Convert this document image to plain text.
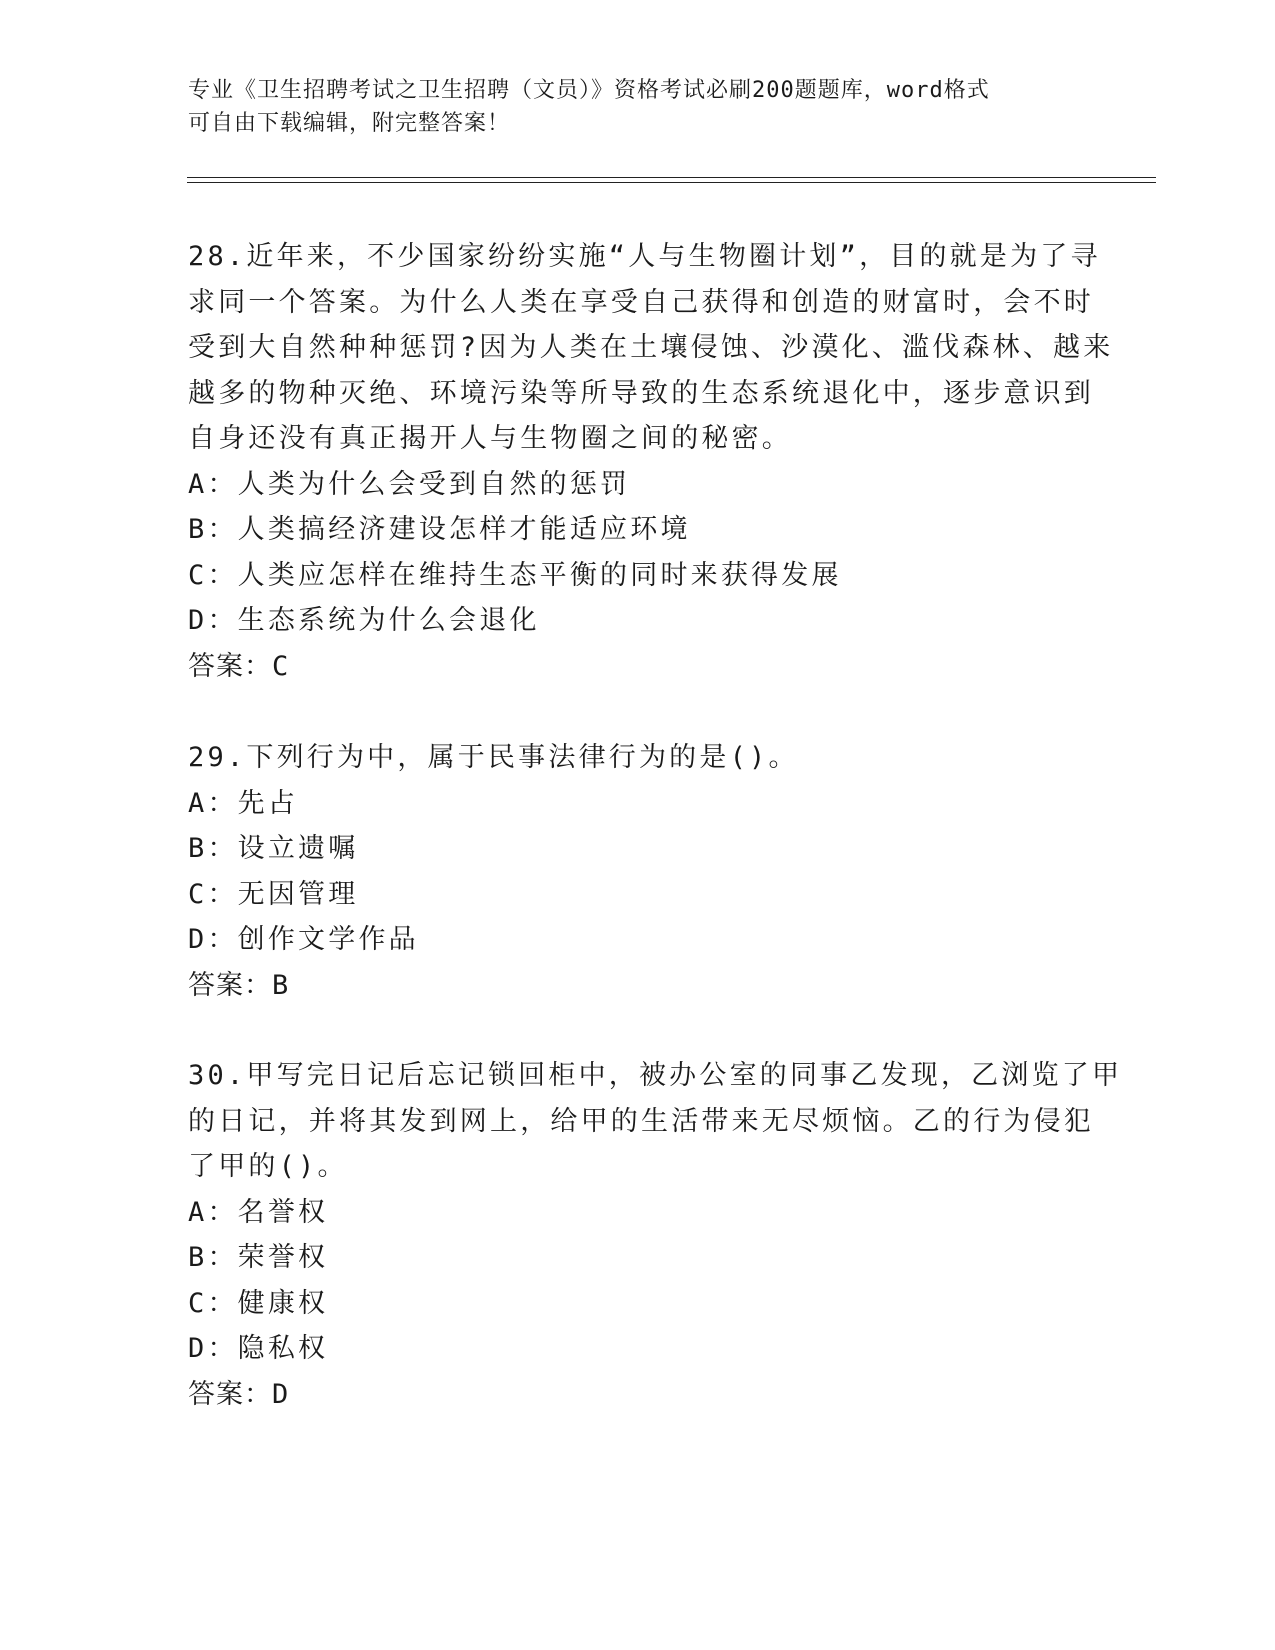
专业《卫生招聘考试之卫生招聘（文员）》资格考试必刷200题题库，word格式
可自由下载编辑，附完整答案！
28.近年来，不少国家纷纷实施“人与生物圈计划”，目的就是为了寻
求同一个答案。为什么人类在享受自己获得和创造的财富时，会不时
受到大自然种种惩罚?因为人类在土壤侵蚀、沙漠化、滥伐森林、越来
越多的物种灭绝、环境污染等所导致的生态系统退化中，逐步意识到
自身还没有真正揭开人与生物圈之间的秘密。
A：人类为什么会受到自然的惩罚
B：人类搞经济建设怎样才能适应环境
C：人类应怎样在维持生态平衡的同时来获得发展
D：生态系统为什么会退化
答案：C
29.下列行为中，属于民事法律行为的是()。
A：先占
B：设立遗嘱
C：无因管理
D：创作文学作品
答案：B
30.甲写完日记后忘记锁回柜中，被办公室的同事乙发现，乙浏览了甲
的日记，并将其发到网上，给甲的生活带来无尽烦恼。乙的行为侵犯
了甲的()。
A：名誉权
B：荣誉权
C：健康权
D：隐私权
答案：D
